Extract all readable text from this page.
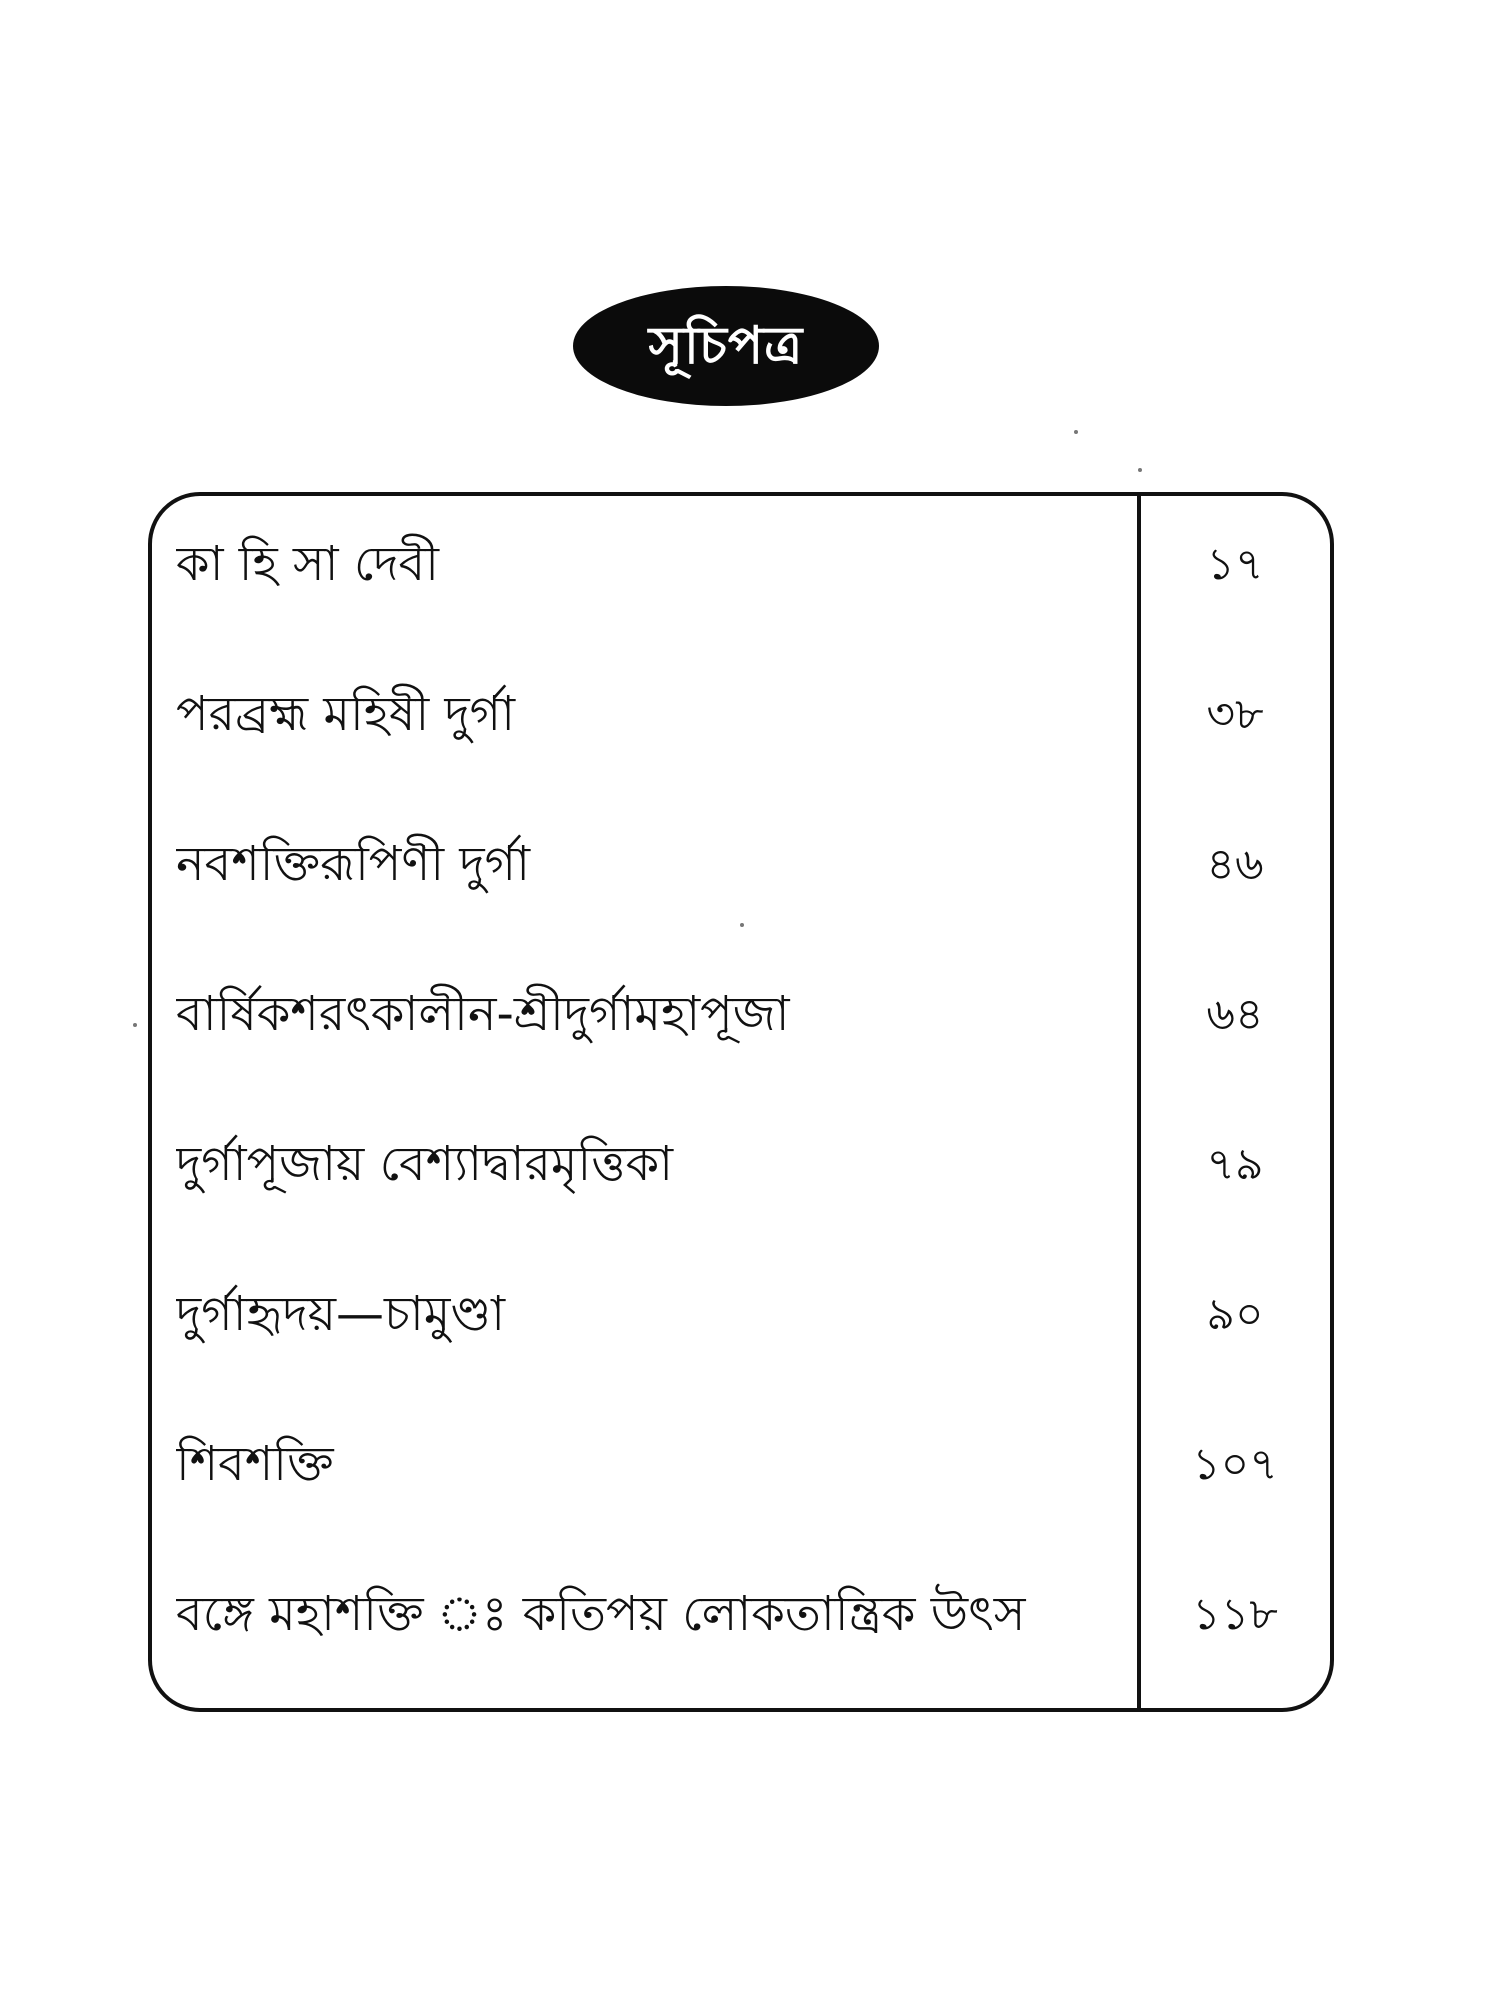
সূচিপত্র
কা হি সা দেবী	১৭
পরব্রহ্ম মহিষী দুর্গা	৩৮
নবশক্তিরূপিণী দুর্গা	৪৬
বার্ষিকশরৎকালীন-শ্রীদুর্গামহাপূজা	৬৪
দুর্গাপূজায় বেশ্যাদ্বারমৃত্তিকা	৭৯
দুর্গাহৃদয়—চামুণ্ডা	৯০
শিবশক্তি	১০৭
বঙ্গে মহাশক্তি ঃ কতিপয় লোকতান্ত্রিক উৎস	১১৮
